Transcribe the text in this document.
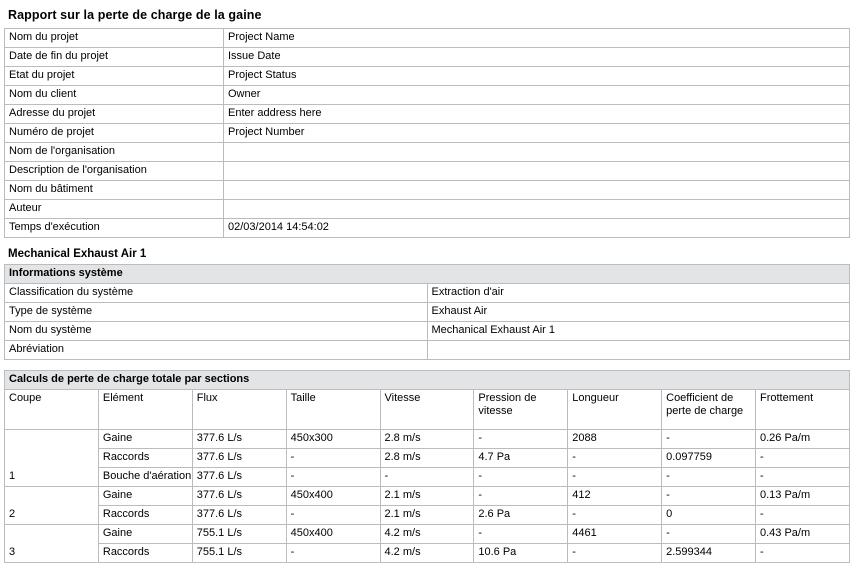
Rapport sur la perte de charge de la gaine
Nom du projet	Project Name
Date de fin du projet	Issue Date
Etat du projet	Project Status
Nom du client	Owner
Adresse du projet	Enter address here
Numéro de projet	Project Number
Nom de l'organisation	
Description de l'organisation	
Nom du bâtiment	
Auteur	
Temps d'exécution	02/03/2014 14:54:02
Mechanical Exhaust Air 1
Informations système	
Classification du système	Extraction d'air
Type de système	Exhaust Air
Nom du système	Mechanical Exhaust Air 1
Abréviation	
Calculs de perte de charge totale par sections								
Coupe	Elément	Flux	Taille	Vitesse	Pression de vitesse	Longueur	Coefficient de perte de charge	Frottement
1	Gaine	377.6 L/s	450x300	2.8 m/s	-	2088	-	0.26 Pa/m
	Raccords	377.6 L/s	-	2.8 m/s	4.7 Pa	-	0.097759	-
	Bouche d'aération	377.6 L/s	-	-	-	-	-	-
2	Gaine	377.6 L/s	450x400	2.1 m/s	-	412	-	0.13 Pa/m
	Raccords	377.6 L/s	-	2.1 m/s	2.6 Pa	-	0	-
3	Gaine	755.1 L/s	450x400	4.2 m/s	-	4461	-	0.43 Pa/m
	Raccords	755.1 L/s	-	4.2 m/s	10.6 Pa	-	2.599344	-
